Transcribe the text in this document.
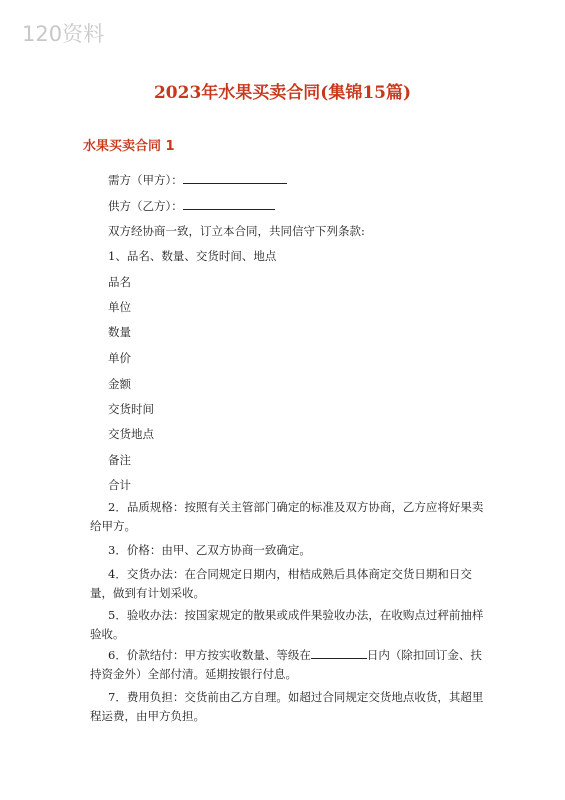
120资料
2023年水果买卖合同(集锦15篇)
水果买卖合同 1
需方（甲方）：
供方（乙方）：
双方经协商一致，订立本合同，共同信守下列条款:
1、品名、数量、交货时间、地点
品名
单位
数量
单价
金额
交货时间
交货地点
备注
合计
2．品质规格：按照有关主管部门确定的标准及双方协商，乙方应将好果卖给甲方。
3．价格：由甲、乙双方协商一致确定。
4．交货办法：在合同规定日期内，柑桔成熟后具体商定交货日期和日交量，做到有计划采收。
5．验收办法：按国家规定的散果或成件果验收办法，在收购点过秤前抽样验收。
6．价款结付：甲方按实收数量、等级在	日内（除扣回订金、扶持资金外）全部付清。延期按银行付息。
7．费用负担：交货前由乙方自理。如超过合同规定交货地点收货，其超里程运费，由甲方负担。
